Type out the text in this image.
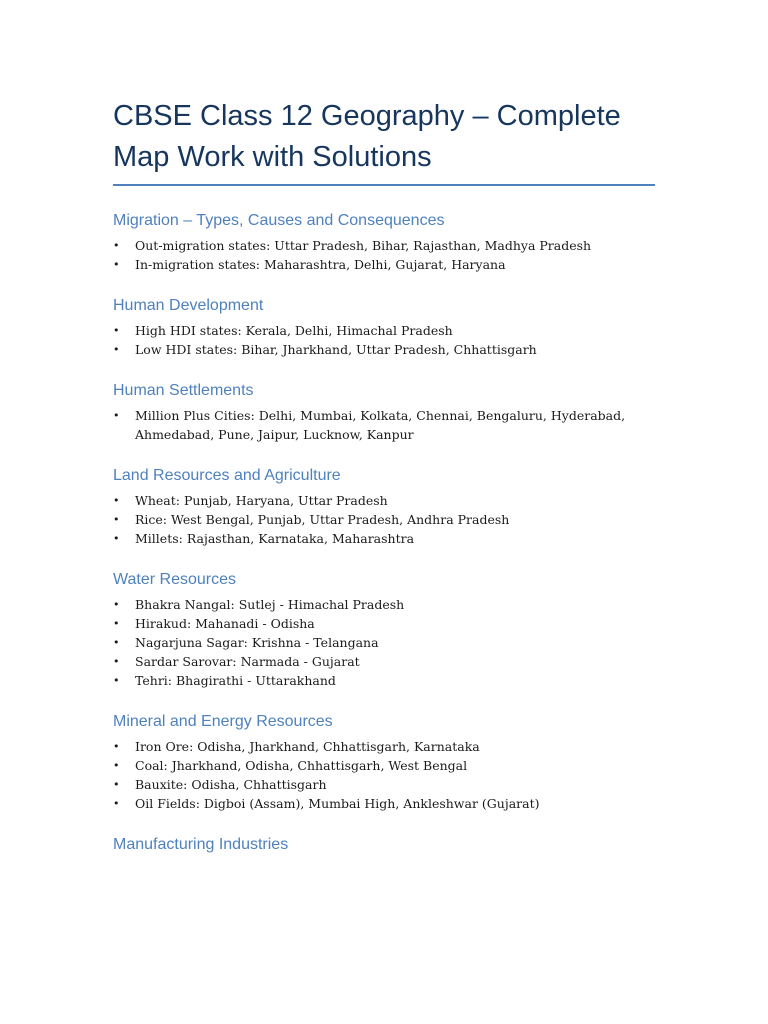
CBSE Class 12 Geography – Complete Map Work with Solutions
Migration – Types, Causes and Consequences
•	Out-migration states: Uttar Pradesh, Bihar, Rajasthan, Madhya Pradesh
•	In-migration states: Maharashtra, Delhi, Gujarat, Haryana
Human Development
•	High HDI states: Kerala, Delhi, Himachal Pradesh
•	Low HDI states: Bihar, Jharkhand, Uttar Pradesh, Chhattisgarh
Human Settlements
•	Million Plus Cities: Delhi, Mumbai, Kolkata, Chennai, Bengaluru, Hyderabad, Ahmedabad, Pune, Jaipur, Lucknow, Kanpur
Land Resources and Agriculture
•	Wheat: Punjab, Haryana, Uttar Pradesh
•	Rice: West Bengal, Punjab, Uttar Pradesh, Andhra Pradesh
•	Millets: Rajasthan, Karnataka, Maharashtra
Water Resources
•	Bhakra Nangal: Sutlej - Himachal Pradesh
•	Hirakud: Mahanadi - Odisha
•	Nagarjuna Sagar: Krishna - Telangana
•	Sardar Sarovar: Narmada - Gujarat
•	Tehri: Bhagirathi - Uttarakhand
Mineral and Energy Resources
•	Iron Ore: Odisha, Jharkhand, Chhattisgarh, Karnataka
•	Coal: Jharkhand, Odisha, Chhattisgarh, West Bengal
•	Bauxite: Odisha, Chhattisgarh
•	Oil Fields: Digboi (Assam), Mumbai High, Ankleshwar (Gujarat)
Manufacturing Industries
